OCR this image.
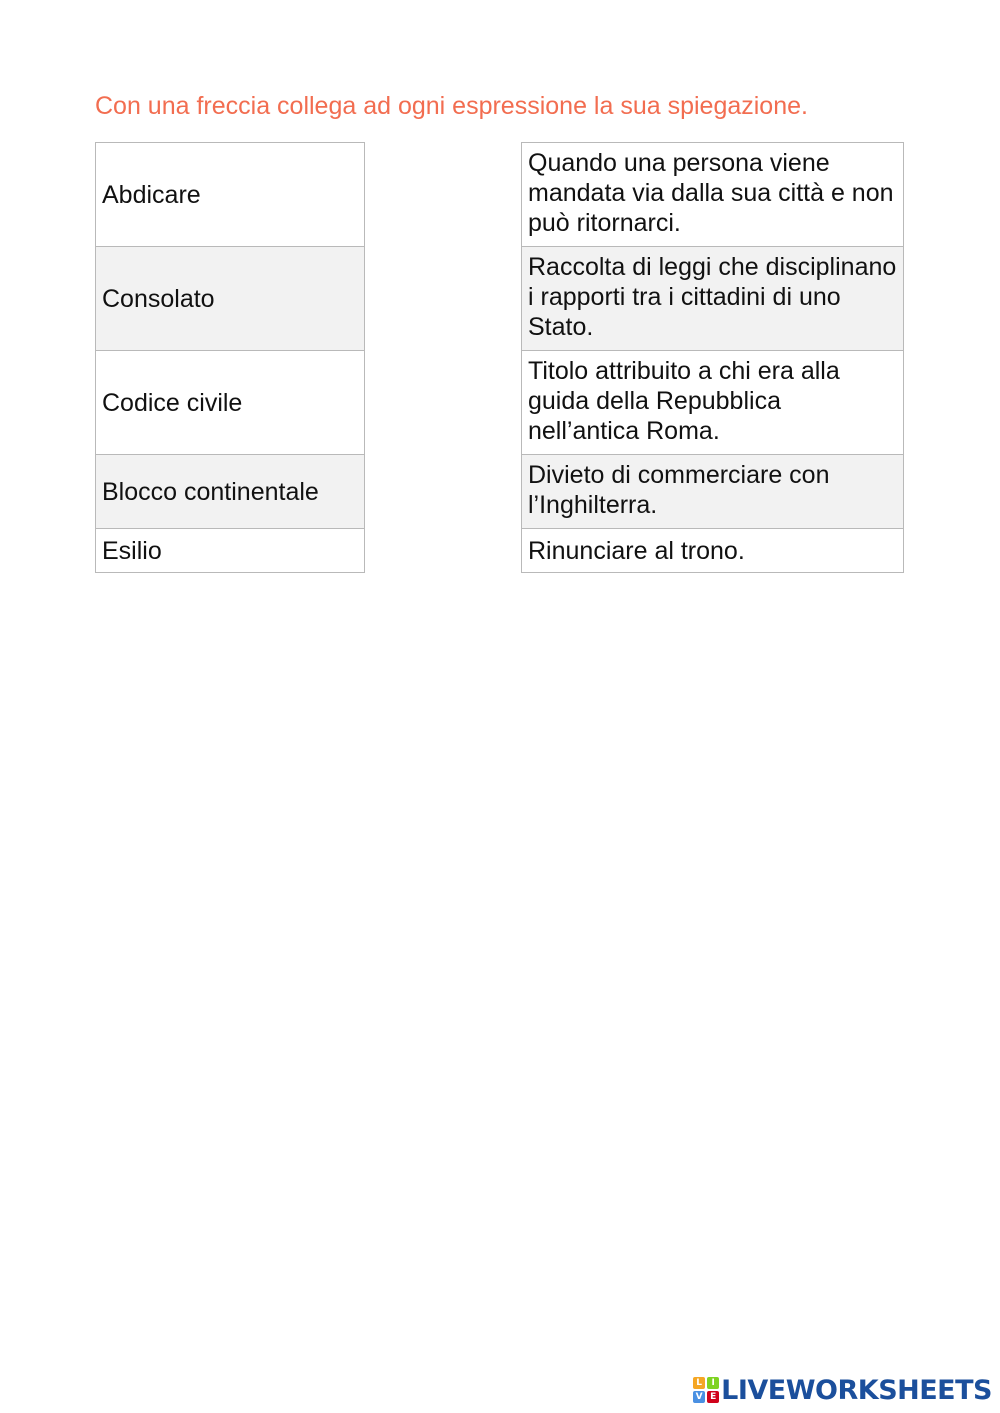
Con una freccia collega ad ogni espressione la sua spiegazione.
Abdicare
Consolato
Codice civile
Blocco continentale
Esilio
Quando una persona viene mandata via dalla sua città e non può ritornarci.
Raccolta di leggi che disciplinano i rapporti tra i cittadini di uno Stato.
Titolo attribuito a chi era alla guida della Repubblica nell’antica Roma.
Divieto di commerciare con l’Inghilterra.
Rinunciare al trono.
L	I
V E LIVEWORKSHEETS
